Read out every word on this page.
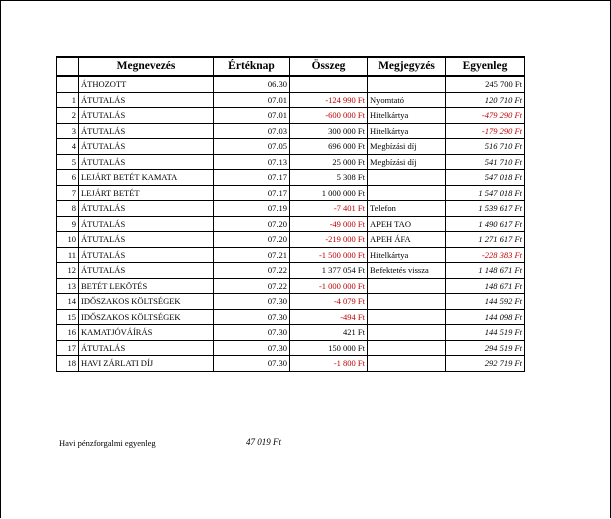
	Megnevezés	Értéknap	Összeg	Megjegyzés	Egyenleg
	ÁTHOZOTT	06.30			245 700 Ft
1	ÁTUTALÁS	07.01	-124 990 Ft	Nyomtató	120 710 Ft
2	ÁTUTALÁS	07.01	-600 000 Ft	Hitelkártya	-479 290 Ft
3	ÁTUTALÁS	07.03	300 000 Ft	Hitelkártya	-179 290 Ft
4	ÁTUTALÁS	07.05	696 000 Ft	Megbízási díj	516 710 Ft
5	ÁTUTALÁS	07.13	25 000 Ft	Megbízási díj	541 710 Ft
6	LEJÁRT BETÉT KAMATA	07.17	5 308 Ft		547 018 Ft
7	LEJÁRT BETÉT	07.17	1 000 000 Ft		1 547 018 Ft
8	ÁTUTALÁS	07.19	-7 401 Ft	Telefon	1 539 617 Ft
9	ÁTUTALÁS	07.20	-49 000 Ft	APEH TAO	1 490 617 Ft
10	ÁTUTALÁS	07.20	-219 000 Ft	APEH ÁFA	1 271 617 Ft
11	ÁTUTALÁS	07.21	-1 500 000 Ft	Hitelkártya	-228 383 Ft
12	ÁTUTALÁS	07.22	1 377 054 Ft	Befektetés vissza	1 148 671 Ft
13	BETÉT LEKÖTÉS	07.22	-1 000 000 Ft		148 671 Ft
14	IDŐSZAKOS KÖLTSÉGEK	07.30	-4 079 Ft		144 592 Ft
15	IDŐSZAKOS KÖLTSÉGEK	07.30	-494 Ft		144 098 Ft
16	KAMATJÓVÁÍRÁS	07.30	421 Ft		144 519 Ft
17	ÁTUTALÁS	07.30	150 000 Ft		294 519 Ft
18	HAVI ZÁRLATI DÍJ	07.30	-1 800 Ft		292 719 Ft
Havi pénzforgalmi egyenleg	47 019 Ft
